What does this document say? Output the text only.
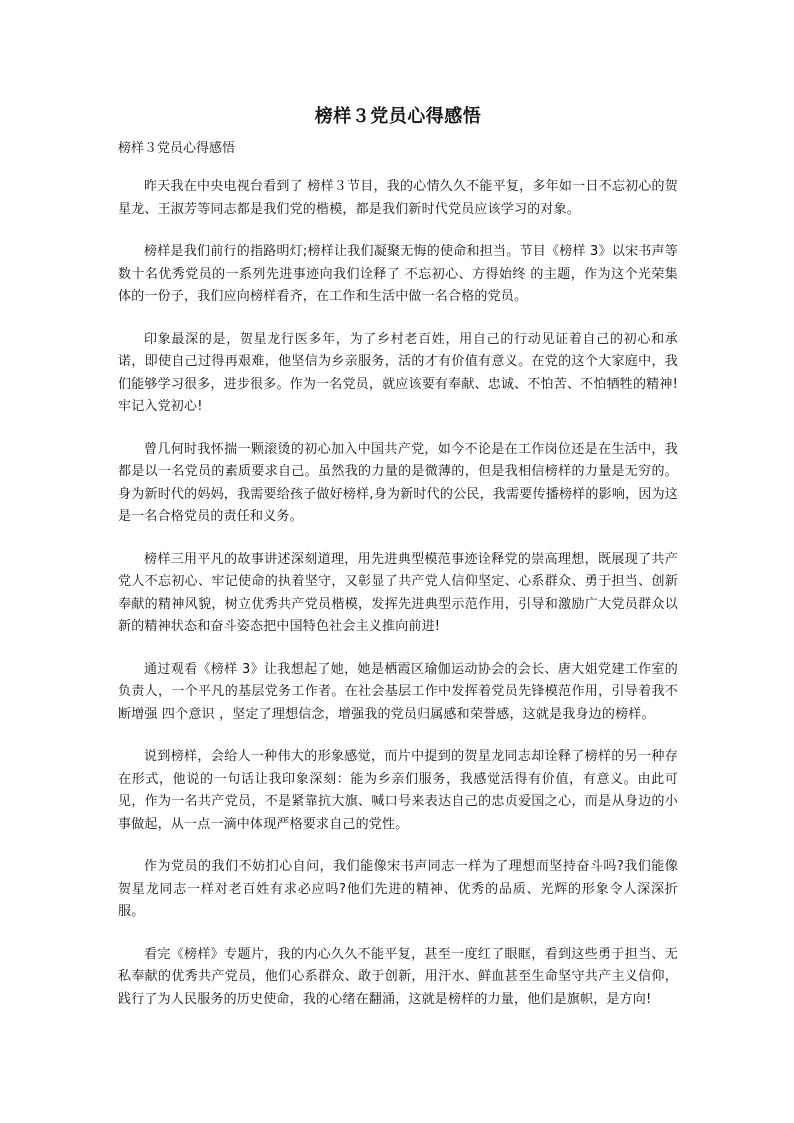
榜样３党员心得感悟
榜样３党员心得感悟

昨天我在中央电视台看到了 榜样３节目，我的心情久久不能平复，多年如一日不忘初心的贺星龙、王淑芳等同志都是我们党的楷模，都是我们新时代党员应该学习的对象。

榜样是我们前行的指路明灯;榜样让我们凝聚无悔的使命和担当。节目《榜样 3》以宋书声等数十名优秀党员的一系列先进事迹向我们诠释了 不忘初心、方得始终 的主题，作为这个光荣集体的一份子，我们应向榜样看齐，在工作和生活中做一名合格的党员。

印象最深的是，贺星龙行医多年，为了乡村老百姓，用自己的行动见证着自己的初心和承诺，即使自己过得再艰难，他坚信为乡亲服务，活的才有价值有意义。在党的这个大家庭中，我们能够学习很多，进步很多。作为一名党员，就应该要有奉献、忠诚、不怕苦、不怕牺牲的精神!牢记入党初心!

曾几何时我怀揣一颗滚烫的初心加入中国共产党，如今不论是在工作岗位还是在生活中，我都是以一名党员的素质要求自己。虽然我的力量的是微薄的，但是我相信榜样的力量是无穷的。身为新时代的妈妈，我需要给孩子做好榜样,身为新时代的公民，我需要传播榜样的影响，因为这是一名合格党员的责任和义务。

榜样三用平凡的故事讲述深刻道理，用先进典型模范事迹诠释党的崇高理想，既展现了共产党人不忘初心、牢记使命的执着坚守，又彰显了共产党人信仰坚定、心系群众、勇于担当、创新奉献的精神风貌，树立优秀共产党员楷模，发挥先进典型示范作用，引导和激励广大党员群众以新的精神状态和奋斗姿态把中国特色社会主义推向前进!

通过观看《榜样 3》让我想起了她，她是栖霞区瑜伽运动协会的会长、唐大姐党建工作室的负责人，一个平凡的基层党务工作者。在社会基层工作中发挥着党员先锋模范作用，引导着我不断增强 四个意识 ，坚定了理想信念，增强我的党员归属感和荣誉感，这就是我身边的榜样。

说到榜样，会给人一种伟大的形象感觉，而片中提到的贺星龙同志却诠释了榜样的另一种存在形式，他说的一句话让我印象深刻：能为乡亲们服务，我感觉活得有价值，有意义。由此可见，作为一名共产党员，不是紧靠抗大旗、喊口号来表达自己的忠贞爱国之心，而是从身边的小事做起，从一点一滴中体现严格要求自己的党性。

作为党员的我们不妨扪心自问，我们能像宋书声同志一样为了理想而坚持奋斗吗?我们能像贺星龙同志一样对老百姓有求必应吗?他们先进的精神、优秀的品质、光辉的形象令人深深折服。

看完《榜样》专题片，我的内心久久不能平复，甚至一度红了眼眶，看到这些勇于担当、无私奉献的优秀共产党员，他们心系群众、敢于创新，用汗水、鲜血甚至生命坚守共产主义信仰，践行了为人民服务的历史使命，我的心绪在翻涌，这就是榜样的力量，他们是旗帜，是方向!
